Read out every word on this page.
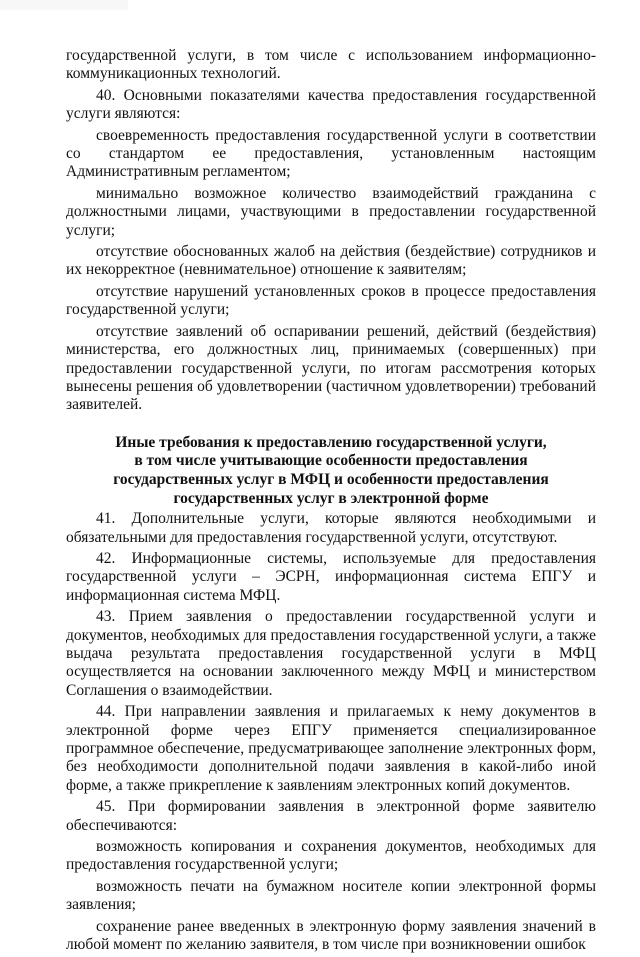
государственной услуги, в том числе с использованием информационно-коммуникационных технологий.

40. Основными показателями качества предоставления государственной услуги являются:

своевременность предоставления государственной услуги в соответствии со стандартом ее предоставления, установленным настоящим Административным регламентом;

минимально возможное количество взаимодействий гражданина с должностными лицами, участвующими в предоставлении государственной услуги;

отсутствие обоснованных жалоб на действия (бездействие) сотрудников и их некорректное (невнимательное) отношение к заявителям;

отсутствие нарушений установленных сроков в процессе предоставления государственной услуги;

отсутствие заявлений об оспаривании решений, действий (бездействия) министерства, его должностных лиц, принимаемых (совершенных) при предоставлении государственной услуги, по итогам рассмотрения которых вынесены решения об удовлетворении (частичном удовлетворении) требований заявителей.

Иные требования к предоставлению государственной услуги,
в том числе учитывающие особенности предоставления
государственных услуг в МФЦ и особенности предоставления
государственных услуг в электронной форме

41. Дополнительные услуги, которые являются необходимыми и обязательными для предоставления государственной услуги, отсутствуют.

42. Информационные системы, используемые для предоставления государственной услуги – ЭСРН, информационная система ЕПГУ и информационная система МФЦ.

43. Прием заявления о предоставлении государственной услуги и документов, необходимых для предоставления государственной услуги, а также выдача результата предоставления государственной услуги в МФЦ осуществляется на основании заключенного между МФЦ и министерством Соглашения о взаимодействии.

44. При направлении заявления и прилагаемых к нему документов в электронной форме через ЕПГУ применяется специализированное программное обеспечение, предусматривающее заполнение электронных форм, без необходимости дополнительной подачи заявления в какой-либо иной форме, а также прикрепление к заявлениям электронных копий документов.

45. При формировании заявления в электронной форме заявителю обеспечиваются:

возможность копирования и сохранения документов, необходимых для предоставления государственной услуги;

возможность печати на бумажном носителе копии электронной формы заявления;

сохранение ранее введенных в электронную форму заявления значений в любой момент по желанию заявителя, в том числе при возникновении ошибок
